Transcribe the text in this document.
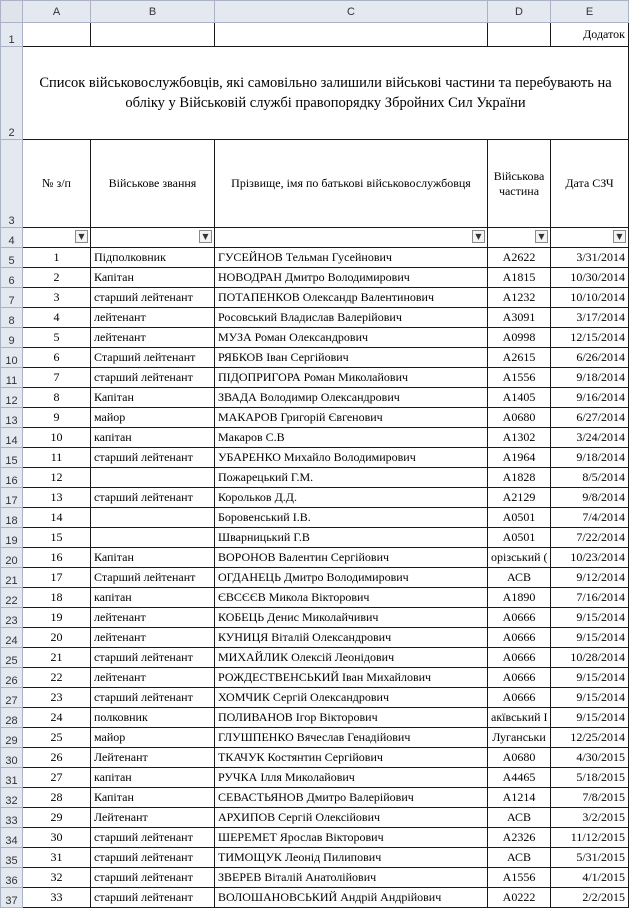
	A	B	C	D	E
1					Додаток
2	Список військовослужбовців, які самовільно залишили військові частини та перебувають на обліку у Військовій службі правопорядку Збройних Сил України				
3	№ з/п	Військове звання	Прізвище, імя по батькові військовослужбовця	Військова частина	Дата СЗЧ
4	▼	▼	▼	▼	▼

5	1	Підполковник	ГУСЕЙНОВ Тельман Гусейнович	А2622	3/31/2014
6	2	Капітан	НОВОДРАН Дмитро Володимирович	А1815	10/30/2014
7	3	старший лейтенант	ПОТАПЕНКОВ Олександр Валентинович	А1232	10/10/2014
8	4	лейтенант	Росовський Владислав Валерійович	А3091	3/17/2014
9	5	лейтенант	МУЗА Роман Олександрович	А0998	12/15/2014
10	6	Старший лейтенант	РЯБКОВ Іван Сергійович	А2615	6/26/2014
11	7	старший лейтенант	ПІДОПРИГОРА Роман Миколайович	А1556	9/18/2014
12	8	Капітан	ЗВАДА Володимир Олександрович	А1405	9/16/2014
13	9	майор	МАКАРОВ Григорій Євгенович	А0680	6/27/2014
14	10	капітан	Макаров С.В	А1302	3/24/2014
15	11	старший лейтенант	УБАРЕНКО Михайло Володимирович	А1964	9/18/2014
16	12		Пожарецький Г.М.	А1828	8/5/2014
17	13	старший лейтенант	Корольков Д.Д.	А2129	9/8/2014
18	14		Боровенський І.В.	А0501	7/4/2014
19	15		Шварницький Г.В	А0501	7/22/2014
20	16	Капітан	ВОРОНОВ Валентин Сергійович	орізський (	10/23/2014
21	17	Старший лейтенант	ОГДАНЕЦЬ Дмитро Володимирович	АСВ	9/12/2014
22	18	капітан	ЄВСЄЄВ Микола Вікторович	А1890	7/16/2014
23	19	лейтенант	КОБЕЦЬ Денис Миколайчивич	А0666	9/15/2014
24	20	лейтенант	КУНИЦЯ Віталій Олександрович	А0666	9/15/2014
25	21	старший лейтенант	МИХАЙЛИК Олексій Леонідович	А0666	10/28/2014
26	22	лейтенант	РОЖДЕСТВЕНСЬКИЙ Іван Михайлович	А0666	9/15/2014
27	23	старший лейтенант	ХОМЧИК Сергій Олександрович	А0666	9/15/2014
28	24	полковник	ПОЛИВАНОВ Ігор Вікторович	акївський І	9/15/2014
29	25	майор	ГЛУШПЕНКО Вячеслав Генадійович	Луганськи	12/25/2014
30	26	Лейтенант	ТКАЧУК Костянтин Сергійович	А0680	4/30/2015
31	27	капітан	РУЧКА Ілля Миколайович	А4465	5/18/2015
32	28	Капітан	СЕВАСТЬЯНОВ Дмитро Валерійович	А1214	7/8/2015
33	29	Лейтенант	АРХИПОВ Сергій Олексійович	АСВ	3/2/2015
34	30	старший лейтенант	ШЕРЕМЕТ Ярослав Вікторович	А2326	11/12/2015
35	31	старший лейтенант	ТИМОЩУК Леонід Пилипович	АСВ	5/31/2015
36	32	старший лейтенант	ЗВЕРЕВ Віталій Анатолійович	А1556	4/1/2015
37	33	старший лейтенант	ВОЛОШАНОВСЬКИЙ Андрій Андрійович	А0222	2/2/2015
